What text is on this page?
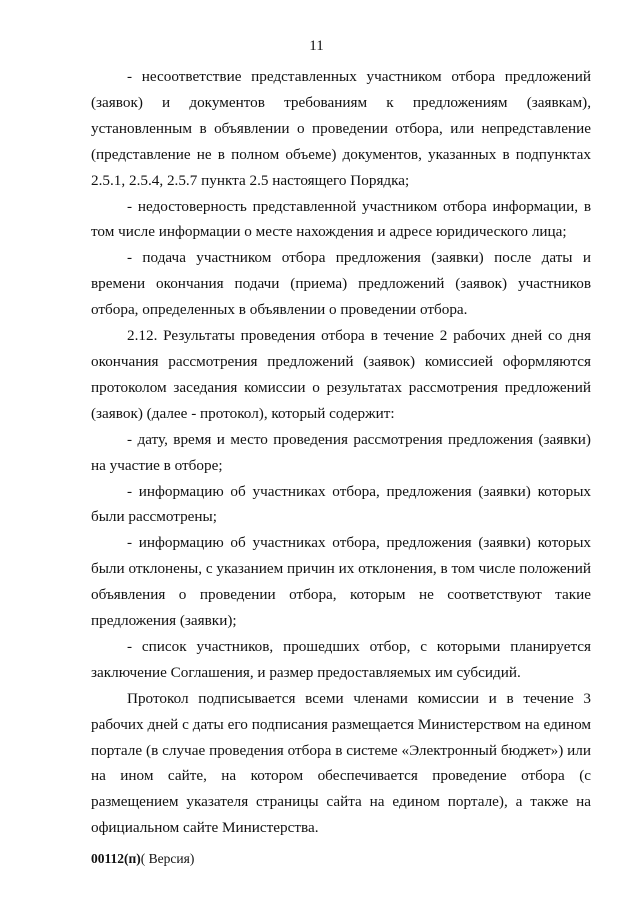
11

- несоответствие представленных участником отбора предложений (заявок) и документов требованиям к предложениям (заявкам), установленным в объявлении о проведении отбора, или непредставление (представление не в полном объеме) документов, указанных в подпунктах 2.5.1, 2.5.4, 2.5.7 пункта 2.5 настоящего Порядка;

- недостоверность представленной участником отбора информации, в том числе информации о месте нахождения и адресе юридического лица;

- подача участником отбора предложения (заявки) после даты и времени окончания подачи (приема) предложений (заявок) участников отбора, определенных в объявлении о проведении отбора.

2.12. Результаты проведения отбора в течение 2 рабочих дней со дня окончания рассмотрения предложений (заявок) комиссией оформляются протоколом заседания комиссии о результатах рассмотрения предложений (заявок) (далее - протокол), который содержит:

- дату, время и место проведения рассмотрения предложения (заявки) на участие в отборе;

- информацию об участниках отбора, предложения (заявки) которых были рассмотрены;

- информацию об участниках отбора, предложения (заявки) которых были отклонены, с указанием причин их отклонения, в том числе положений объявления о проведении отбора, которым не соответствуют такие предложения (заявки);

- список участников, прошедших отбор, с которыми планируется заключение Соглашения, и размер предоставляемых им субсидий.

Протокол подписывается всеми членами комиссии и в течение 3 рабочих дней с даты его подписания размещается Министерством на едином портале (в случае проведения отбора в системе «Электронный бюджет») или на ином сайте, на котором обеспечивается проведение отбора (с размещением указателя страницы сайта на едином портале), а также на официальном сайте Министерства.

00112(п)( Версия)
